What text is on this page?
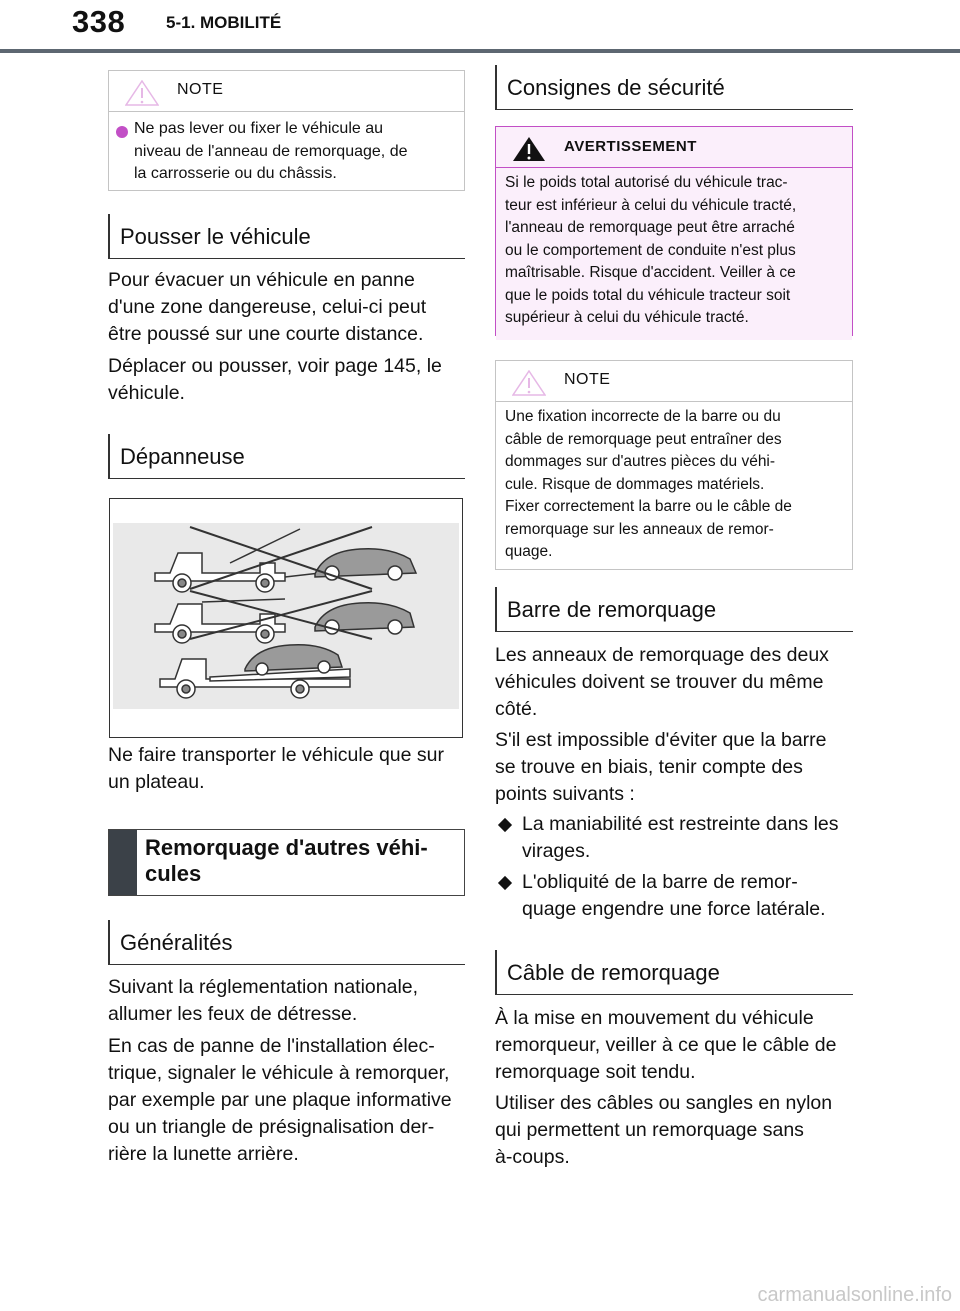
338 5-1. MOBILITÉ
NOTE
Ne pas lever ou fixer le véhicule au
niveau de l'anneau de remorquage, de
la carrosserie ou du châssis.
Pousser le véhicule
Pour évacuer un véhicule en panne
d'une zone dangereuse, celui-ci peut
être poussé sur une courte distance.
Déplacer ou pousser, voir page 145, le
véhicule.
Dépanneuse
Ne faire transporter le véhicule que sur
un plateau.
Remorquage d'autres véhi-
cules
Généralités
Suivant la réglementation nationale,
allumer les feux de détresse.
En cas de panne de l'installation élec-
trique, signaler le véhicule à remorquer,
par exemple par une plaque informative
ou un triangle de présignalisation der-
rière la lunette arrière.
Consignes de sécurité
AVERTISSEMENT
Si le poids total autorisé du véhicule trac-
teur est inférieur à celui du véhicule tracté,
l'anneau de remorquage peut être arraché
ou le comportement de conduite n'est plus
maîtrisable. Risque d'accident. Veiller à ce
que le poids total du véhicule tracteur soit
supérieur à celui du véhicule tracté.
NOTE
Une fixation incorrecte de la barre ou du
câble de remorquage peut entraîner des
dommages sur d'autres pièces du véhi-
cule. Risque de dommages matériels.
Fixer correctement la barre ou le câble de
remorquage sur les anneaux de remor-
quage.
Barre de remorquage
Les anneaux de remorquage des deux
véhicules doivent se trouver du même
côté.
S'il est impossible d'éviter que la barre
se trouve en biais, tenir compte des
points suivants :
La maniabilité est restreinte dans les
virages.
L'obliquité de la barre de remor-
quage engendre une force latérale.
Câble de remorquage
À la mise en mouvement du véhicule
remorqueur, veiller à ce que le câble de
remorquage soit tendu.
Utiliser des câbles ou sangles en nylon
qui permettent un remorquage sans
à-coups.
carmanualsonline.info
